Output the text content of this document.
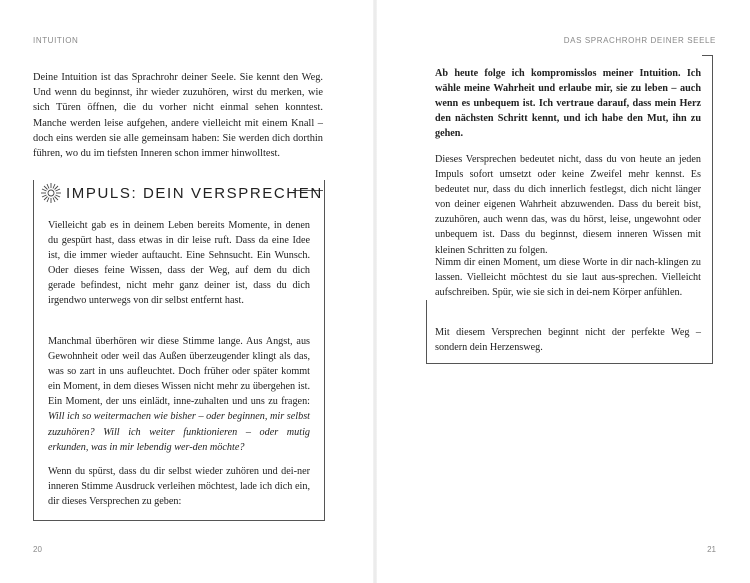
INTUITION

Deine Intuition ist das Sprachrohr deiner Seele. Sie kennt den Weg. Und wenn du beginnst, ihr wieder zuzuhören, wirst du merken, wie sich Türen öffnen, die du vorher nicht einmal sehen konntest. Manche werden leise aufgehen, andere vielleicht mit einem Knall – doch eins werden sie alle gemeinsam haben: Sie werden dich dorthin führen, wo du im tiefsten Inneren schon immer hinwolltest.

IMPULS: DEIN VERSPRECHEN

Vielleicht gab es in deinem Leben bereits Momente, in denen du gespürt hast, dass etwas in dir leise ruft. Dass da eine Idee ist, die immer wieder auftaucht. Eine Sehnsucht. Ein Wunsch. Oder dieses feine Wissen, dass der Weg, auf dem du dich gerade befindest, nicht mehr ganz deiner ist, dass du dich irgendwo unterwegs von dir selbst entfernt hast.

Manchmal überhören wir diese Stimme lange. Aus Angst, aus Gewohnheit oder weil das Außen überzeugender klingt als das, was so zart in uns aufleuchtet. Doch früher oder später kommt ein Moment, in dem dieses Wissen nicht mehr zu übergehen ist. Ein Moment, der uns einlädt, inne-zuhalten und uns zu fragen: Will ich so weitermachen wie bisher – oder beginnen, mir selbst zuzuhören? Will ich weiter funktionieren – oder mutig erkunden, was in mir lebendig wer-den möchte?

Wenn du spürst, dass du dir selbst wieder zuhören und dei-ner inneren Stimme Ausdruck verleihen möchtest, lade ich dich ein, dir dieses Versprechen zu geben:

20
DAS SPRACHROHR DEINER SEELE

Ab heute folge ich kompromisslos meiner Intuition. Ich wähle meine Wahrheit und erlaube mir, sie zu leben – auch wenn es unbequem ist. Ich vertraue darauf, dass mein Herz den nächsten Schritt kennt, und ich habe den Mut, ihn zu gehen.

Dieses Versprechen bedeutet nicht, dass du von heute an jeden Impuls sofort umsetzt oder keine Zweifel mehr kennst. Es bedeutet nur, dass du dich innerlich festlegst, dich nicht länger von deiner eigenen Wahrheit abzuwenden. Dass du bereit bist, zuzuhören, auch wenn das, was du hörst, leise, ungewohnt oder unbequem ist. Dass du beginnst, diesem inneren Wissen mit kleinen Schritten zu folgen.

Nimm dir einen Moment, um diese Worte in dir nach-klingen zu lassen. Vielleicht möchtest du sie laut aus-sprechen. Vielleicht aufschreiben. Spür, wie sie sich in dei-nem Körper anfühlen.

Mit diesem Versprechen beginnt nicht der perfekte Weg – sondern dein Herzensweg.

21
